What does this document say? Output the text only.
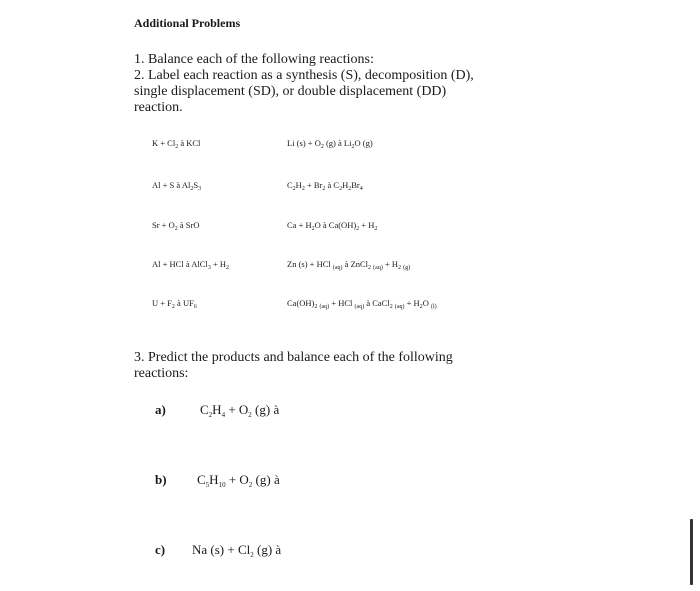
Additional Problems
1. Balance each of the following reactions:
2. Label each reaction as a synthesis (S), decomposition (D),
single displacement (SD), or double displacement (DD)
reaction.
$K + Cl_2$ à KCl	Li $(s) + O_2$ (g) à $Li_2O$ (g)
Al + S à $Al_2S_3$	$C_2H_2 + Br_2$ à $C_2H_2Br_4$
$Sr + O_2$ à SrO	$Ca + H_2O$ à $Ca(OH)_2 + H_2$
Al + HCl à AlCl$_3$ + $H_2$	Zn (s) + HCl $_{(aq)}$ à ZnCl$_2$ $_{(aq)} + H_2$ $_{(g)}$
$U + F_2$ à $UF_6$	$Ca(OH)_2$ $_{(aq)}$ + HCl $_{(aq)}$ à CaCl$_2$ $_{(aq)} + H_2O$ $_{(l)}$
3. Predict the products and balance each of the following
reactions:
a)	$C_2H_4 + O_2$ (g) à
b) $C_5H_{10} + O_2$ (g) à
c) Na $(s) + Cl_2$ (g) à
